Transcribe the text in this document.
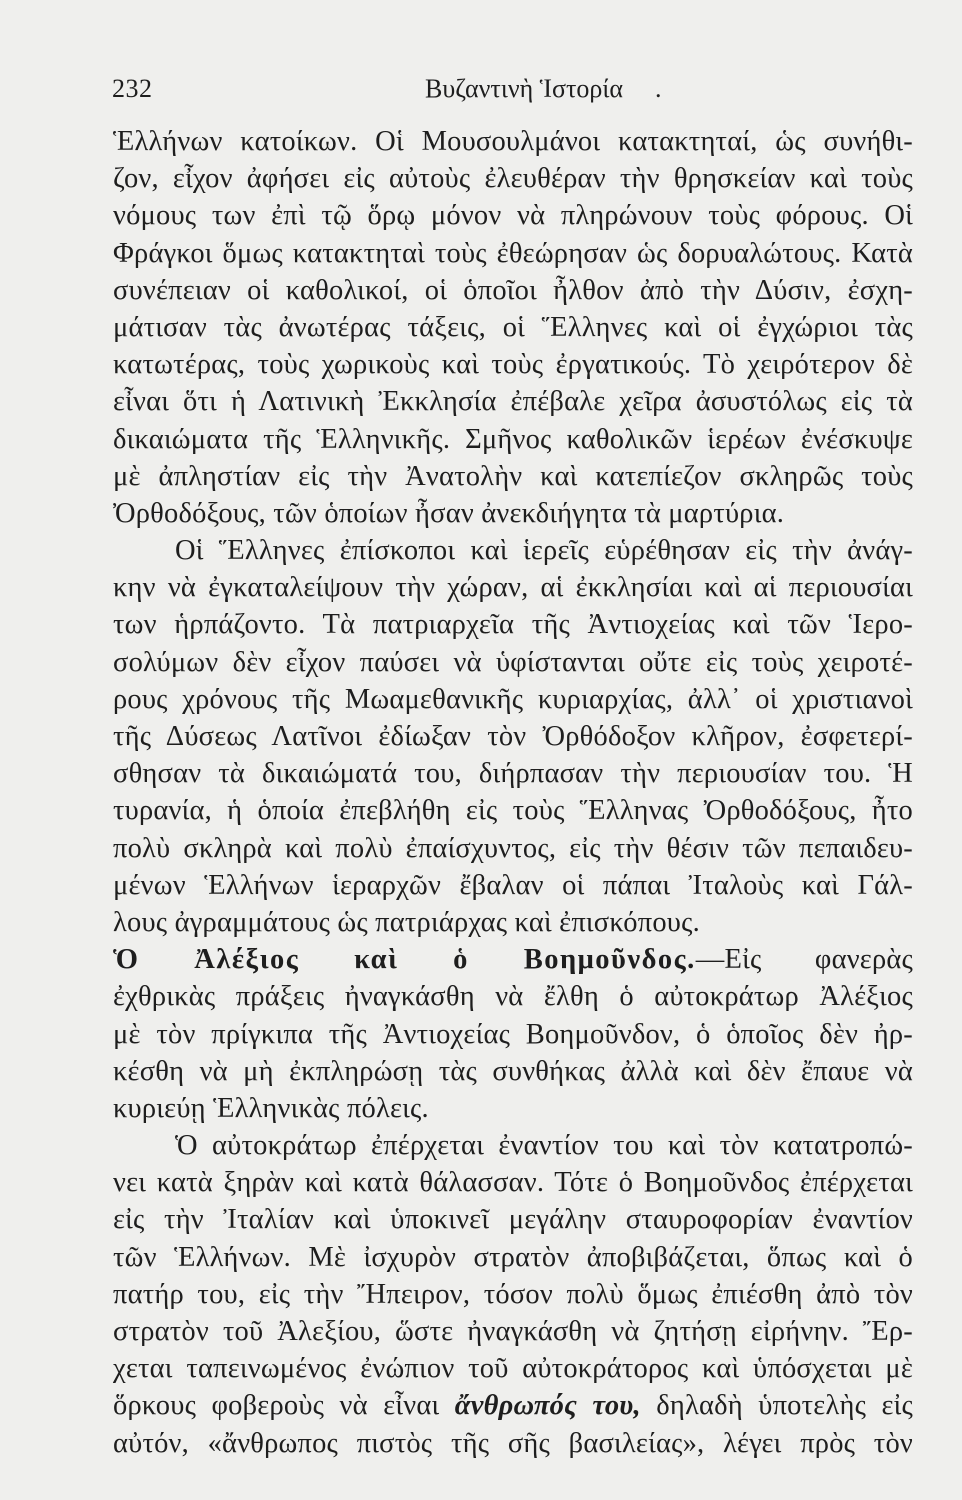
232	Βυζαντινὴ Ἱστορία .
Ἑλλήνων κατοίκων. Οἱ Μουσουλμάνοι κατακτηταί, ὡς συνήθι-
ζον, εἶχον ἀφήσει εἰς αὐτοὺς ἐλευθέραν τὴν θρησκείαν καὶ τοὺς
νόμους των ἐπὶ τῷ ὅρῳ μόνον νὰ πληρώνουν τοὺς φόρους. Οἱ
Φράγκοι ὅμως κατακτηταὶ τοὺς ἐθεώρησαν ὡς δορυαλώτους. Κατὰ
συνέπειαν οἱ καθολικοί, οἱ ὁποῖοι ἦλθον ἀπὸ τὴν Δύσιν, ἐσχη-
μάτισαν τὰς ἀνωτέρας τάξεις, οἱ Ἕλληνες καὶ οἱ ἐγχώριοι τὰς
κατωτέρας, τοὺς χωρικοὺς καὶ τοὺς ἐργατικούς. Τὸ χειρότερον δὲ
εἶναι ὅτι ἡ Λατινικὴ Ἐκκλησία ἐπέβαλε χεῖρα ἀσυστόλως εἰς τὰ
δικαιώματα τῆς Ἑλληνικῆς. Σμῆνος καθολικῶν ἱερέων ἐνέσκυψε
μὲ ἀπληστίαν εἰς τὴν Ἀνατολὴν καὶ κατεπίεζον σκληρῶς τοὺς
Ὀρθοδόξους, τῶν ὁποίων ἦσαν ἀνεκδιήγητα τὰ μαρτύρια.
Οἱ Ἕλληνες ἐπίσκοποι καὶ ἱερεῖς εὑρέθησαν εἰς τὴν ἀνάγ-
κην νὰ ἐγκαταλείψουν τὴν χώραν, αἱ ἐκκλησίαι καὶ αἱ περιουσίαι
των ἡρπάζοντο. Τὰ πατριαρχεῖα τῆς Ἀντιοχείας καὶ τῶν Ἱερο-
σολύμων δὲν εἶχον παύσει νὰ ὑφίστανται οὔτε εἰς τοὺς χειροτέ-
ρους χρόνους τῆς Μωαμεθανικῆς κυριαρχίας, ἀλλ᾽ οἱ χριστιανοὶ
τῆς Δύσεως Λατῖνοι ἐδίωξαν τὸν Ὀρθόδοξον κλῆρον, ἐσφετερί-
σθησαν τὰ δικαιώματά του, διήρπασαν τὴν περιουσίαν του. Ἡ
τυρανία, ἡ ὁποία ἐπεβλήθη εἰς τοὺς Ἕλληνας Ὀρθοδόξους, ἦτο
πολὺ σκληρὰ καὶ πολὺ ἐπαίσχυντος, εἰς τὴν θέσιν τῶν πεπαιδευ-
μένων Ἑλλήνων ἱεραρχῶν ἔβαλαν οἱ πάπαι Ἰταλοὺς καὶ Γάλ-
λους ἀγραμμάτους ὡς πατριάρχας καὶ ἐπισκόπους.
Ὁ Ἀλέξιος καὶ ὁ Βοημοῦνδος.—Εἰς φανερὰς
ἐχθρικὰς πράξεις ἠναγκάσθη νὰ ἔλθη ὁ αὐτοκράτωρ Ἀλέξιος
μὲ τὸν πρίγκιπα τῆς Ἀντιοχείας Βοημοῦνδον, ὁ ὁποῖος δὲν ἠρ-
κέσθη νὰ μὴ ἐκπληρώσῃ τὰς συνθήκας ἀλλὰ καὶ δὲν ἔπαυε νὰ
κυριεύῃ Ἑλληνικὰς πόλεις.
Ὁ αὐτοκράτωρ ἐπέρχεται ἐναντίον του καὶ τὸν κατατροπώ-
νει κατὰ ξηρὰν καὶ κατὰ θάλασσαν. Τότε ὁ Βοημοῦνδος ἐπέρχεται
εἰς τὴν Ἰταλίαν καὶ ὑποκινεῖ μεγάλην σταυροφορίαν ἐναντίον
τῶν Ἑλλήνων. Μὲ ἰσχυρὸν στρατὸν ἀποβιβάζεται, ὅπως καὶ ὁ
πατήρ του, εἰς τὴν Ἤπειρον, τόσον πολὺ ὅμως ἐπιέσθη ἀπὸ τὸν
στρατὸν τοῦ Ἀλεξίου, ὥστε ἠναγκάσθη νὰ ζητήσῃ εἰρήνην. Ἔρ-
χεται ταπεινωμένος ἐνώπιον τοῦ αὐτοκράτορος καὶ ὑπόσχεται μὲ
ὅρκους φοβεροὺς νὰ εἶναι ἄνθρωπός του, δηλαδὴ ὑποτελὴς εἰς
αὐτόν, «ἄνθρωπος πιστὸς τῆς σῆς βασιλείας», λέγει πρὸς τὸν
